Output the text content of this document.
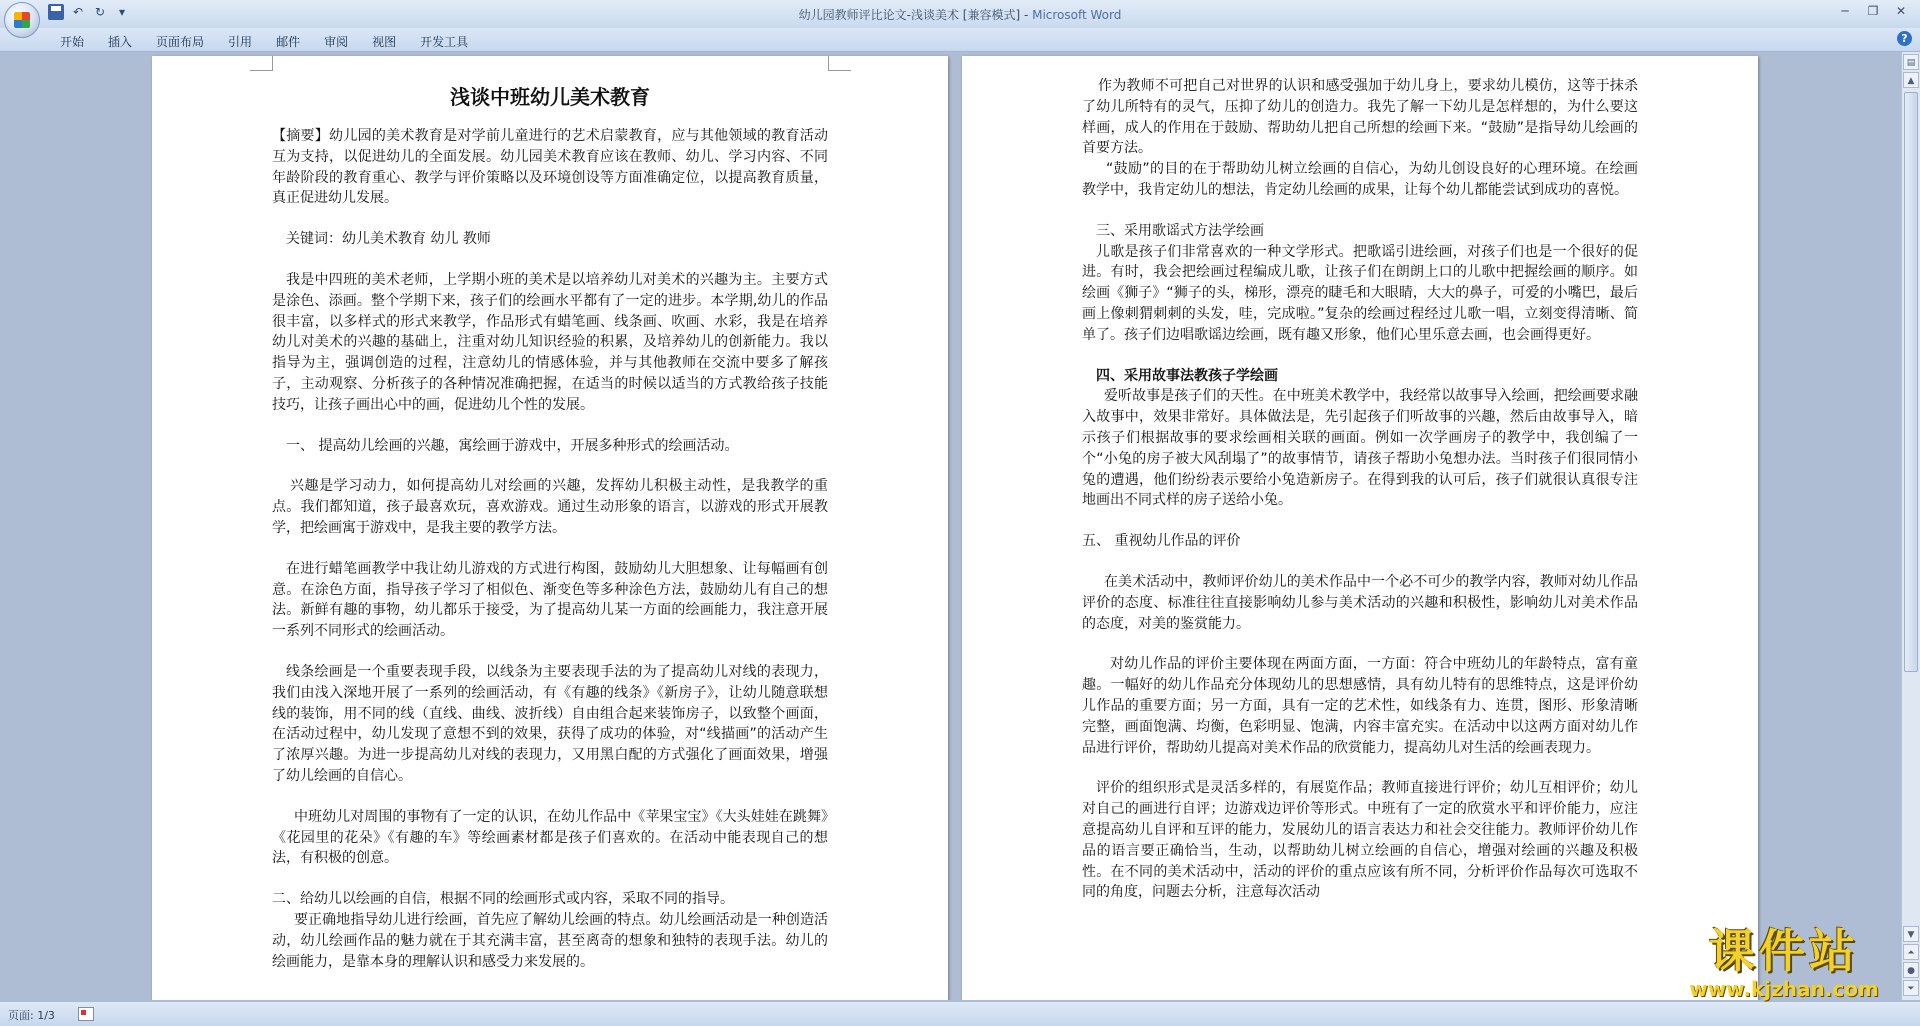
↶ ↻	▾	幼儿园教师评比论文-浅谈美术 [兼容模式] - Microsoft Word	─	❐	✕
开始	插入	页面布局	引用	邮件	审阅	视图	开发工具	?
浅谈中班幼儿美术教育

【摘要】幼儿园的美术教育是对学前儿童进行的艺术启蒙教育，应与其他领域的教育活动互为支持，以促进幼儿的全面发展。幼儿园美术教育应该在教师、幼儿、学习内容、不同年龄阶段的教育重心、教学与评价策略以及环境创设等方面准确定位，以提高教育质量，真正促进幼儿发展。

关键词：幼儿美术教育 幼儿 教师

我是中四班的美术老师，上学期小班的美术是以培养幼儿对美术的兴趣为主。主要方式是涂色、添画。整个学期下来，孩子们的绘画水平都有了一定的进步。本学期,幼儿的作品很丰富，以多样式的形式来教学，作品形式有蜡笔画、线条画、吹画、水彩，我是在培养幼儿对美术的兴趣的基础上，注重对幼儿知识经验的积累，及培养幼儿的创新能力。我以指导为主，强调创造的过程，注意幼儿的情感体验，并与其他教师在交流中要多了解孩子，主动观察、分析孩子的各种情况准确把握，在适当的时候以适当的方式教给孩子技能技巧，让孩子画出心中的画，促进幼儿个性的发展。

一、 提高幼儿绘画的兴趣，寓绘画于游戏中，开展多种形式的绘画活动。

兴趣是学习动力，如何提高幼儿对绘画的兴趣，发挥幼儿积极主动性，是我教学的重点。我们都知道，孩子最喜欢玩，喜欢游戏。通过生动形象的语言，以游戏的形式开展教学，把绘画寓于游戏中，是我主要的教学方法。

在进行蜡笔画教学中我让幼儿游戏的方式进行构图，鼓励幼儿大胆想象、让每幅画有创意。在涂色方面，指导孩子学习了相似色、渐变色等多种涂色方法，鼓励幼儿有自己的想法。新鲜有趣的事物，幼儿都乐于接受，为了提高幼儿某一方面的绘画能力，我注意开展一系列不同形式的绘画活动。

线条绘画是一个重要表现手段，以线条为主要表现手法的为了提高幼儿对线的表现力，我们由浅入深地开展了一系列的绘画活动，有《有趣的线条》《新房子》，让幼儿随意联想线的装饰，用不同的线（直线、曲线、波折线）自由组合起来装饰房子，以致整个画面，在活动过程中，幼儿发现了意想不到的效果，获得了成功的体验，对“线描画”的活动产生了浓厚兴趣。为进一步提高幼儿对线的表现力，又用黑白配的方式强化了画面效果，增强了幼儿绘画的自信心。

中班幼儿对周围的事物有了一定的认识，在幼儿作品中《苹果宝宝》《大头娃娃在跳舞》《花园里的花朵》《有趣的车》等绘画素材都是孩子们喜欢的。在活动中能表现自己的想法，有积极的创意。

二、给幼儿以绘画的自信，根据不同的绘画形式或内容，采取不同的指导。

要正确地指导幼儿进行绘画，首先应了解幼儿绘画的特点。幼儿绘画活动是一种创造活动，幼儿绘画作品的魅力就在于其充满丰富，甚至离奇的想象和独特的表现手法。幼儿的绘画能力，是靠本身的理解认识和感受力来发展的。

作为教师不可把自己对世界的认识和感受强加于幼儿身上，要求幼儿模仿，这等于抹杀了幼儿所特有的灵气，压抑了幼儿的创造力。我先了解一下幼儿是怎样想的，为什么要这样画，成人的作用在于鼓励、帮助幼儿把自己所想的绘画下来。“鼓励”是指导幼儿绘画的首要方法。

“鼓励”的目的在于帮助幼儿树立绘画的自信心，为幼儿创设良好的心理环境。在绘画教学中，我肯定幼儿的想法，肯定幼儿绘画的成果，让每个幼儿都能尝试到成功的喜悦。

三、采用歌谣式方法学绘画

儿歌是孩子们非常喜欢的一种文学形式。把歌谣引进绘画，对孩子们也是一个很好的促进。有时，我会把绘画过程编成儿歌，让孩子们在朗朗上口的儿歌中把握绘画的顺序。如绘画《狮子》“狮子的头，梯形，漂亮的睫毛和大眼睛，大大的鼻子，可爱的小嘴巴，最后画上像刺猬刺刺的头发，哇，完成啦。”复杂的绘画过程经过儿歌一唱，立刻变得清晰、简单了。孩子们边唱歌谣边绘画，既有趣又形象，他们心里乐意去画，也会画得更好。

四、采用故事法教孩子学绘画

爱听故事是孩子们的天性。在中班美术教学中，我经常以故事导入绘画，把绘画要求融入故事中，效果非常好。具体做法是，先引起孩子们听故事的兴趣，然后由故事导入，暗示孩子们根据故事的要求绘画相关联的画面。例如一次学画房子的教学中，我创编了一个“小兔的房子被大风刮塌了”的故事情节，请孩子帮助小兔想办法。当时孩子们很同情小兔的遭遇，他们纷纷表示要给小兔造新房子。在得到我的认可后，孩子们就很认真很专注地画出不同式样的房子送给小兔。

五、 重视幼儿作品的评价

在美术活动中，教师评价幼儿的美术作品中一个必不可少的教学内容，教师对幼儿作品评价的态度、标准往往直接影响幼儿参与美术活动的兴趣和积极性，影响幼儿对美术作品的态度，对美的鉴赏能力。

对幼儿作品的评价主要体现在两面方面，一方面：符合中班幼儿的年龄特点，富有童趣。一幅好的幼儿作品充分体现幼儿的思想感情，具有幼儿特有的思维特点，这是评价幼儿作品的重要方面；另一方面，具有一定的艺术性，如线条有力、连贯，图形、形象清晰完整，画面饱满、均衡，色彩明显、饱满，内容丰富充实。在活动中以这两方面对幼儿作品进行评价，帮助幼儿提高对美术作品的欣赏能力，提高幼儿对生活的绘画表现力。

评价的组织形式是灵活多样的，有展览作品；教师直接进行评价；幼儿互相评价；幼儿对自己的画进行自评；边游戏边评价等形式。中班有了一定的欣赏水平和评价能力，应注意提高幼儿自评和互评的能力，发展幼儿的语言表达力和社会交往能力。教师评价幼儿作品的语言要正确恰当，生动，以帮助幼儿树立绘画的自信心，增强对绘画的兴趣及积极性。在不同的美术活动中，活动的评价的重点应该有所不同，分析评价作品每次可选取不同的角度，问题去分析，注意每次活动

▤
▲
▼
⏶
●
⏷
页面: 1/3
课件站
www.kjzhan.com
